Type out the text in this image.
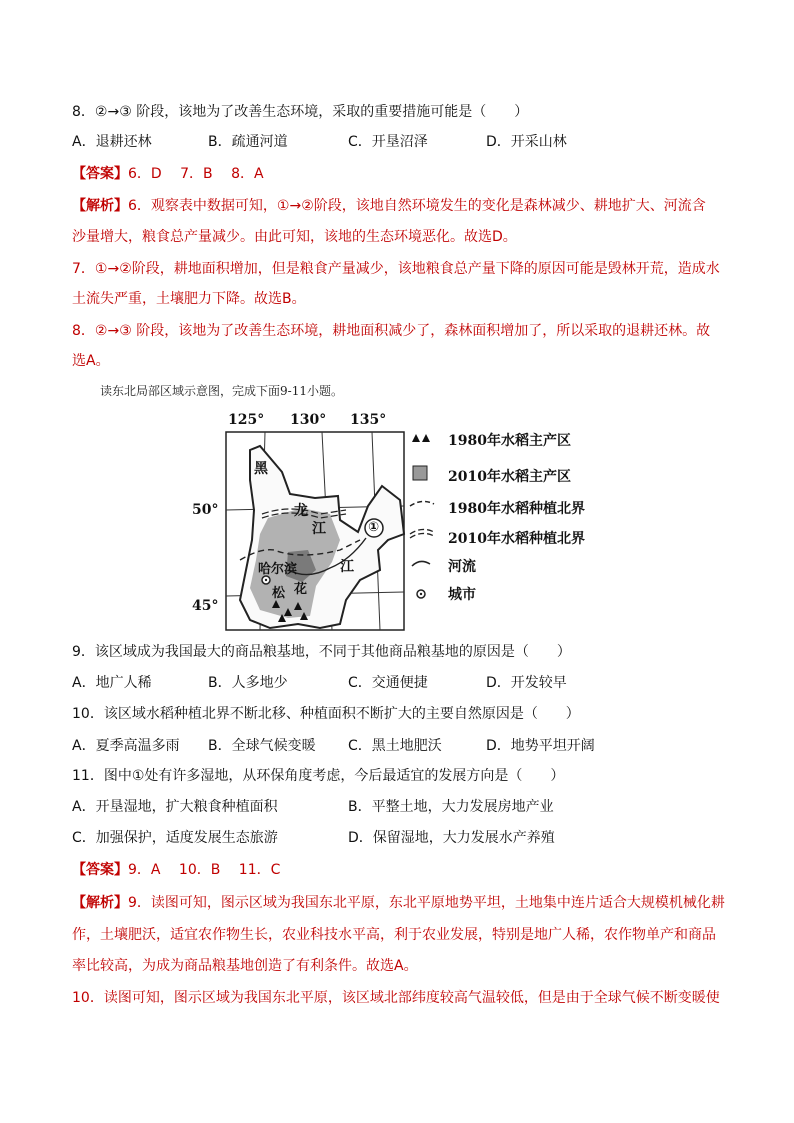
8．②→③ 阶段，该地为了改善生态环境，采取的重要措施可能是（　　）
A．退耕还林	B．疏通河道	C．开垦沼泽	D．开采山林
【答案】6．D　 7．B　 8．A
【解析】6．观察表中数据可知，①→②阶段，该地自然环境发生的变化是森林减少、耕地扩大、河流含
沙量增大，粮食总产量减少。由此可知，该地的生态环境恶化。故选D。
7．①→②阶段，耕地面积增加，但是粮食产量减少，该地粮食总产量下降的原因可能是毁林开荒，造成水
土流失严重，土壤肥力下降。故选B。
8．②→③ 阶段，该地为了改善生态环境，耕地面积减少了，森林面积增加了，所以采取的退耕还林。故
选A。
读东北局部区域示意图，完成下面9-11小题。
125° 130° 135°
50°
45°
黑
龙
江
江
哈尔滨
松 花
①
1980年水稻主产区
2010年水稻主产区
1980年水稻种植北界
2010年水稻种植北界
河流
城市
9．该区域成为我国最大的商品粮基地，不同于其他商品粮基地的原因是（　　）
A．地广人稀	B．人多地少	C．交通便捷	D．开发较早
10．该区域水稻种植北界不断北移、种植面积不断扩大的主要自然原因是（　　）
A．夏季高温多雨 B．全球气候变暖 C．黑土地肥沃	D．地势平坦开阔
11．图中①处有许多湿地，从环保角度考虑，今后最适宜的发展方向是（　　）
A．开垦湿地，扩大粮食种植面积	B．平整土地，大力发展房地产业
C．加强保护，适度发展生态旅游	D．保留湿地，大力发展水产养殖
【答案】9．A　 10．B　 11．C
【解析】9．读图可知，图示区域为我国东北平原，东北平原地势平坦，土地集中连片适合大规模机械化耕
作，土壤肥沃，适宜农作物生长，农业科技水平高，利于农业发展，特别是地广人稀，农作物单产和商品
率比较高，为成为商品粮基地创造了有利条件。故选A。
10．读图可知，图示区域为我国东北平原，该区域北部纬度较高气温较低，但是由于全球气候不断变暖使
